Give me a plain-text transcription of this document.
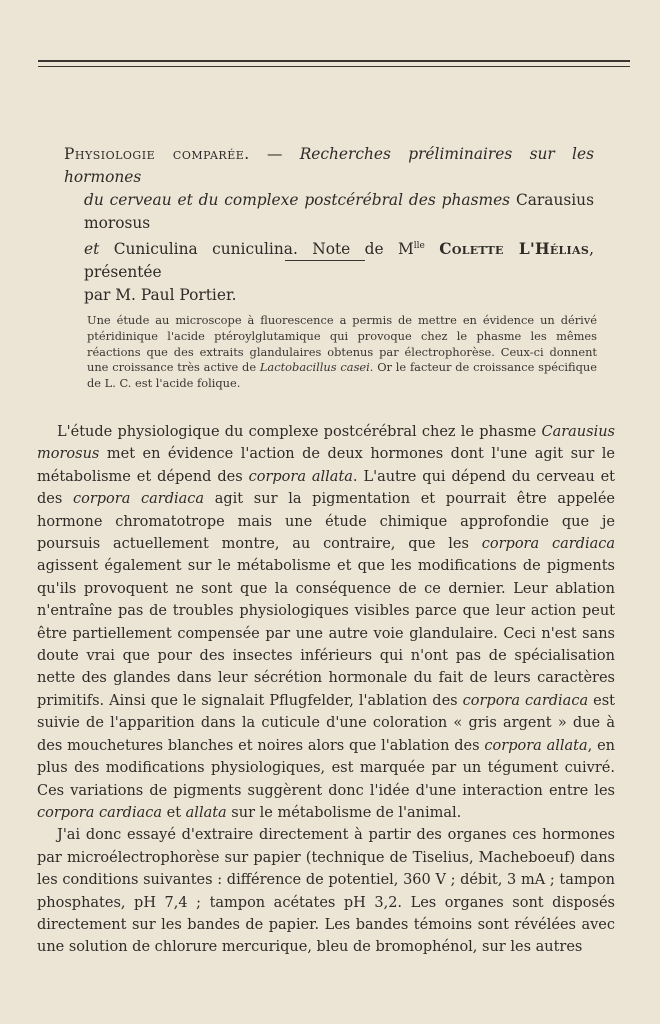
Physiologie comparée. — Recherches préliminaires sur les hormones
du cerveau et du complexe postcérébral des phasmes Carausius morosus
et Cuniculina cuniculina. Note de $M^{lle}$ Colette L'Hélias, présentée
par M. Paul Portier.
Une étude au microscope à fluorescence a permis de mettre en évidence un dérivé ptéridinique l'acide ptéroylglutamique qui provoque chez le phasme les mêmes réactions que des extraits glandulaires obtenus par électrophorèse. Ceux-ci donnent une croissance très active de Lactobacillus casei. Or le facteur de croissance spécifique de L. C. est l'acide folique.

L'étude physiologique du complexe postcérébral chez le phasme Carausius morosus met en évidence l'action de deux hormones dont l'une agit sur le métabolisme et dépend des corpora allata. L'autre qui dépend du cerveau et des corpora cardiaca agit sur la pigmentation et pourrait être appelée hormone chromatotrope mais une étude chimique approfondie que je poursuis actuellement montre, au contraire, que les corpora cardiaca agissent également sur le métabolisme et que les modifications de pigments qu'ils provoquent ne sont que la conséquence de ce dernier. Leur ablation n'entraîne pas de troubles physiologiques visibles parce que leur action peut être partiellement compensée par une autre voie glandulaire. Ceci n'est sans doute vrai que pour des insectes inférieurs qui n'ont pas de spécialisation nette des glandes dans leur sécrétion hormonale du fait de leurs caractères primitifs. Ainsi que le signalait Pflugfelder, l'ablation des corpora cardiaca est suivie de l'apparition dans la cuticule d'une coloration « gris argent » due à des mouchetures blanches et noires alors que l'ablation des corpora allata, en plus des modifications physiologiques, est marquée par un tégument cuivré. Ces variations de pigments suggèrent donc l'idée d'une interaction entre les corpora cardiaca et allata sur le métabolisme de l'animal.

J'ai donc essayé d'extraire directement à partir des organes ces hormones par microélectrophorèse sur papier (technique de Tiselius, Macheboeuf) dans les conditions suivantes : différence de potentiel, 360 V ; débit, 3 mA ; tampon phosphates, pH 7,4 ; tampon acétates pH 3,2. Les organes sont disposés directement sur les bandes de papier. Les bandes témoins sont révélées avec une solution de chlorure mercurique, bleu de bromophénol, sur les autres
